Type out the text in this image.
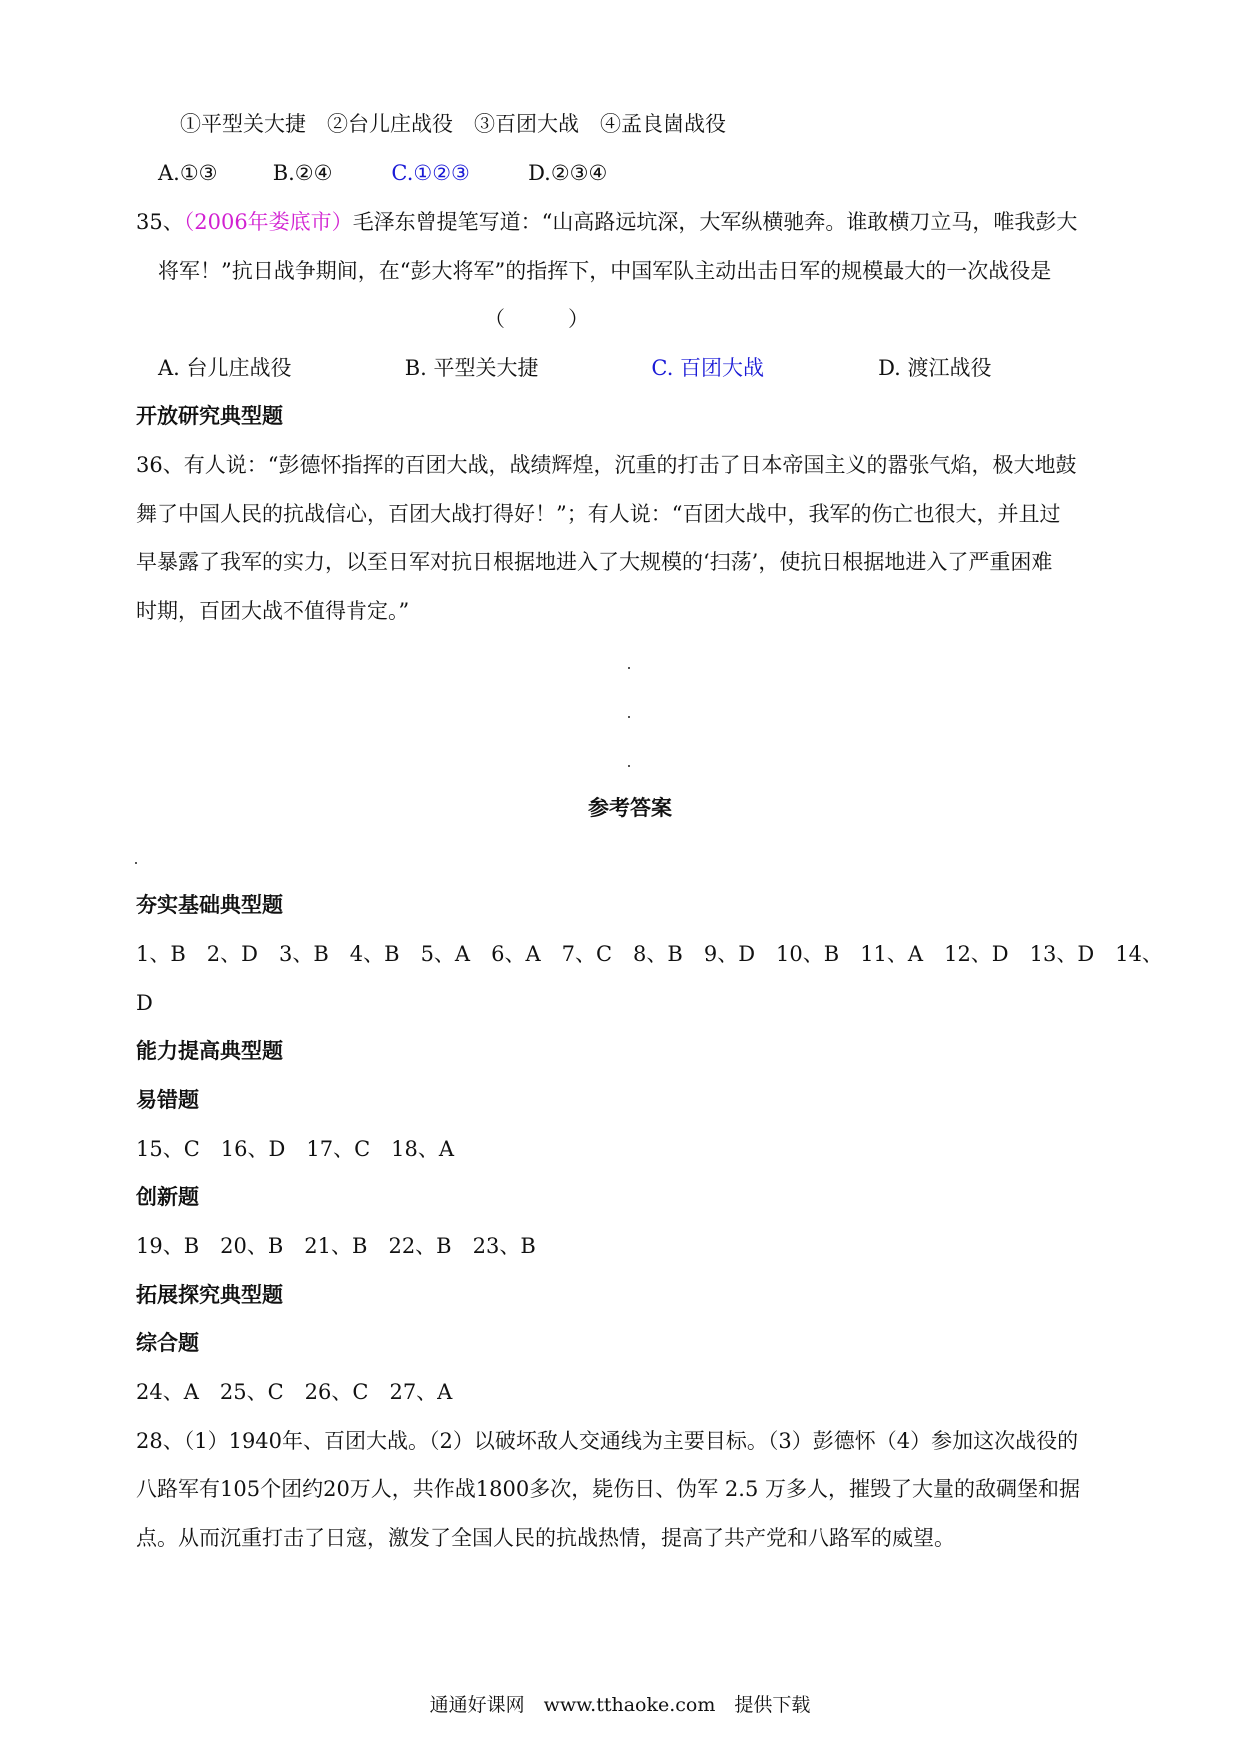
①平型关大捷　②台儿庄战役　③百团大战　④孟良崮战役
A.①③	B.②④	C.①②③	D.②③④
35、（2006年娄底市）毛泽东曾提笔写道：“山高路远坑深，大军纵横驰奔。谁敢横刀立马，唯我彭大
将军！”抗日战争期间，在“彭大将军”的指挥下，中国军队主动出击日军的规模最大的一次战役是
（　　　）
A. 台儿庄战役	B. 平型关大捷	C. 百团大战	D. 渡江战役
开放研究典型题
36、有人说：“彭德怀指挥的百团大战，战绩辉煌，沉重的打击了日本帝国主义的嚣张气焰，极大地鼓
舞了中国人民的抗战信心，百团大战打得好！”；有人说：“百团大战中，我军的伤亡也很大，并且过
早暴露了我军的实力，以至日军对抗日根据地进入了大规模的‘扫荡’，使抗日根据地进入了严重困难
时期，百团大战不值得肯定。”
参考答案
夯实基础典型题
1、B　2、D　3、B　4、B　5、A　6、A　7、C　8、B　9、D　10、B　11、A　12、D　13、D　14、
D
能力提高典型题
易错题
15、C　16、D　17、C　18、A
创新题
19、B　20、B　21、B　22、B　23、B
拓展探究典型题
综合题
24、A　25、C　26、C　27、A
28、（1）1940年、百团大战。（2）以破坏敌人交通线为主要目标。（3）彭德怀（4）参加这次战役的
八路军有105个团约20万人，共作战1800多次，毙伤日、伪军 2.5 万多人，摧毁了大量的敌碉堡和据
点。从而沉重打击了日寇，激发了全国人民的抗战热情，提高了共产党和八路军的威望。
通通好课网　www.tthaoke.com　提供下载
